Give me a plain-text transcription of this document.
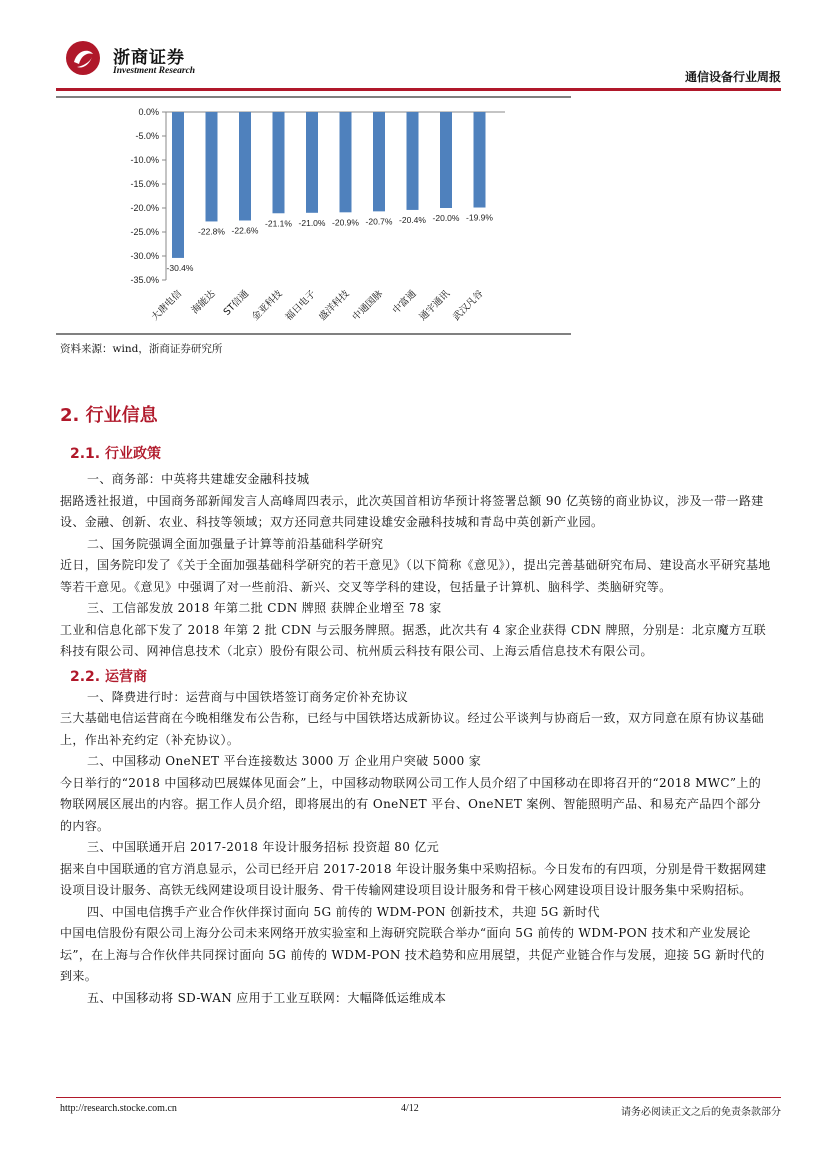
浙商证券
Investment Research	通信设备行业周报
0.0%
-5.0%
-10.0%
-15.0%
-20.0%
-25.0%
-30.0%
-35.0%
-30.4%
大唐电信
-22.8%
海能达
-22.6%
ST信通
-21.1%
金亚科技
-21.0%
福日电子
-20.9%
盛洋科技
-20.7%
中通国脉
-20.4%
中富通
-20.0%
通宇通讯
-19.9%
武汉凡谷
资料来源：wind，浙商证券研究所
2. 行业信息
2.1. 行业政策

一、商务部：中英将共建雄安金融科技城

据路透社报道，中国商务部新闻发言人高峰周四表示，此次英国首相访华预计将签署总额 90 亿英镑的商业协议，涉及一带一路建设、金融、创新、农业、科技等领域；双方还同意共同建设雄安金融科技城和青岛中英创新产业园。

二、国务院强调全面加强量子计算等前沿基础科学研究

近日，国务院印发了《关于全面加强基础科学研究的若干意见》（以下简称《意见》），提出完善基础研究布局、建设高水平研究基地等若干意见。《意见》中强调了对一些前沿、新兴、交叉等学科的建设，包括量子计算机、脑科学、类脑研究等。

三、工信部发放 2018 年第二批 CDN 牌照 获牌企业增至 78 家

工业和信息化部下发了 2018 年第 2 批 CDN 与云服务牌照。据悉，此次共有 4 家企业获得 CDN 牌照，分别是：北京魔方互联科技有限公司、网神信息技术（北京）股份有限公司、杭州质云科技有限公司、上海云盾信息技术有限公司。

2.2. 运营商

一、降费进行时：运营商与中国铁塔签订商务定价补充协议

三大基础电信运营商在今晚相继发布公告称，已经与中国铁塔达成新协议。经过公平谈判与协商后一致，双方同意在原有协议基础上，作出补充约定（补充协议）。

二、中国移动 OneNET 平台连接数达 3000 万 企业用户突破 5000 家

今日举行的“2018 中国移动巴展媒体见面会”上，中国移动物联网公司工作人员介绍了中国移动在即将召开的“2018 MWC”上的物联网展区展出的内容。据工作人员介绍，即将展出的有 OneNET 平台、OneNET 案例、智能照明产品、和易充产品四个部分的内容。

三、中国联通开启 2017-2018 年设计服务招标 投资超 80 亿元

据来自中国联通的官方消息显示，公司已经开启 2017-2018 年设计服务集中采购招标。今日发布的有四项，分别是骨干数据网建设项目设计服务、高铁无线网建设项目设计服务、骨干传输网建设项目设计服务和骨干核心网建设项目设计服务集中采购招标。

四、中国电信携手产业合作伙伴探讨面向 5G 前传的 WDM-PON 创新技术，共迎 5G 新时代

中国电信股份有限公司上海分公司未来网络开放实验室和上海研究院联合举办“面向 5G 前传的 WDM-PON 技术和产业发展论坛”，在上海与合作伙伴共同探讨面向 5G 前传的 WDM-PON 技术趋势和应用展望，共促产业链合作与发展，迎接 5G 新时代的到来。

五、中国移动将 SD-WAN 应用于工业互联网：大幅降低运维成本

http://research.stocke.com.cn	4/12	请务必阅读正文之后的免责条款部分
